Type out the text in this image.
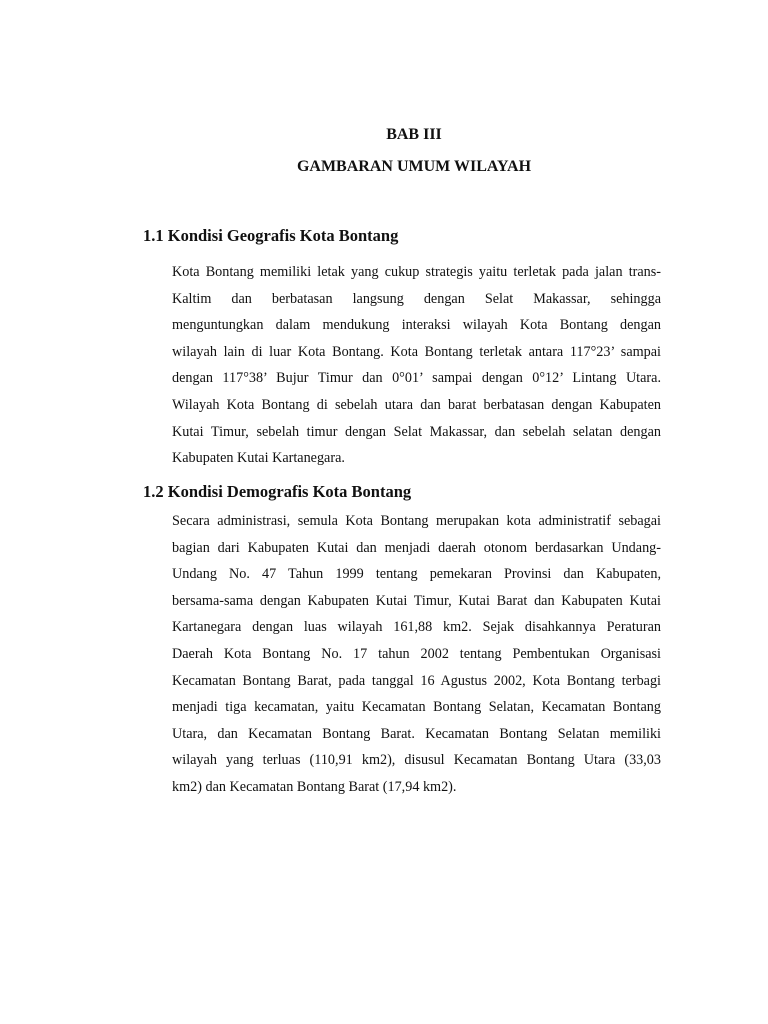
BAB III
GAMBARAN UMUM WILAYAH
1.1 Kondisi Geografis Kota Bontang
Kota Bontang memiliki letak yang cukup strategis yaitu terletak pada jalan trans-
Kaltim dan berbatasan langsung dengan Selat Makassar, sehingga
menguntungkan dalam mendukung interaksi wilayah Kota Bontang dengan
wilayah lain di luar Kota Bontang. Kota Bontang terletak antara 117°23’ sampai
dengan 117°38’ Bujur Timur dan 0°01’ sampai dengan 0°12’ Lintang Utara.
Wilayah Kota Bontang di sebelah utara dan barat berbatasan dengan Kabupaten
Kutai Timur, sebelah timur dengan Selat Makassar, dan sebelah selatan dengan
Kabupaten Kutai Kartanegara.
1.2 Kondisi Demografis Kota Bontang
Secara administrasi, semula Kota Bontang merupakan kota administratif sebagai
bagian dari Kabupaten Kutai dan menjadi daerah otonom berdasarkan Undang-
Undang No. 47 Tahun 1999 tentang pemekaran Provinsi dan Kabupaten,
bersama-sama dengan Kabupaten Kutai Timur, Kutai Barat dan Kabupaten Kutai
Kartanegara dengan luas wilayah 161,88 km2. Sejak disahkannya Peraturan
Daerah Kota Bontang No. 17 tahun 2002 tentang Pembentukan Organisasi
Kecamatan Bontang Barat, pada tanggal 16 Agustus 2002, Kota Bontang terbagi
menjadi tiga kecamatan, yaitu Kecamatan Bontang Selatan, Kecamatan Bontang
Utara, dan Kecamatan Bontang Barat. Kecamatan Bontang Selatan memiliki
wilayah yang terluas (110,91 km2), disusul Kecamatan Bontang Utara (33,03
km2) dan Kecamatan Bontang Barat (17,94 km2).
